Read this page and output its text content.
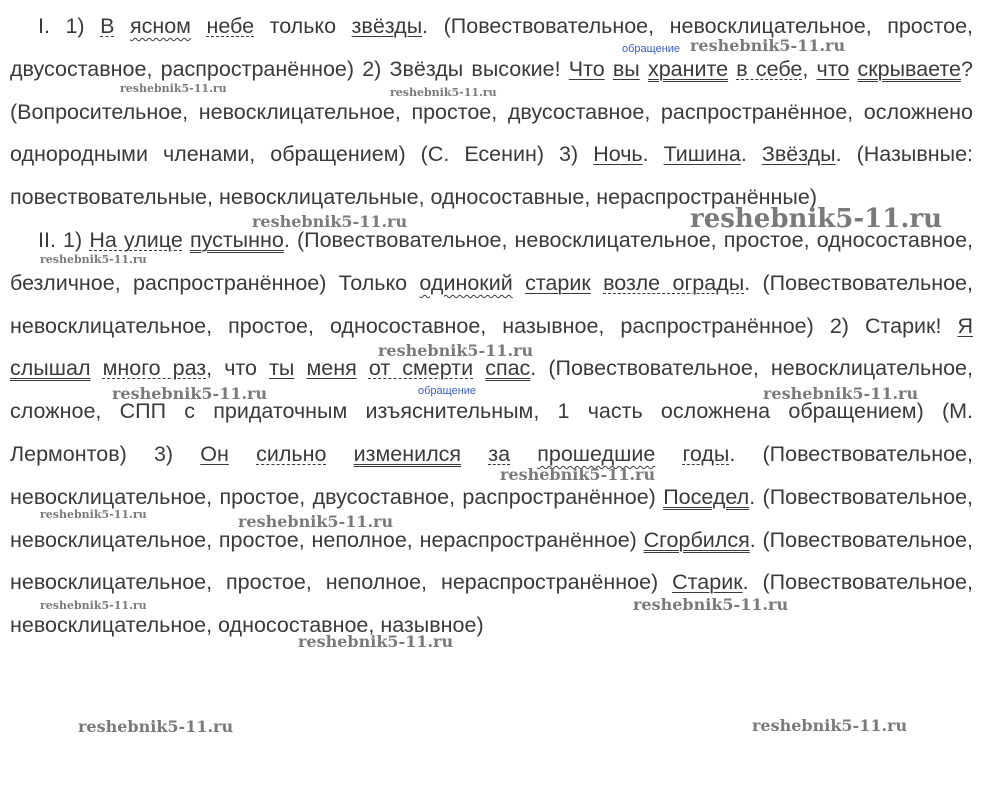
I. 1) В ясном небе только звёзды. (Повествовательное, невосклицательное, простое, двусоставное, распространённое) 2) Звёзды высокие! Что вы храните в себе, что скрываете? (Вопросительное, невосклицательное, простое, двусоставное, распространённое, осложнено однородными членами, обращением) (С. Есенин) 3) Ночь. Тишина. Звёзды. (Назывные: повествовательные, невосклицательные, односоставные, нераспространённые)

II. 1) На улице пустынно. (Повествовательное, невосклицательное, простое, односоставное, безличное, распространённое) Только одинокий старик возле ограды. (Повествовательное, невосклицательное, простое, односоставное, назывное, распространённое) 2) Старик! Я слышал много раз, что ты меня от смерти спас. (Повествовательное, невосклицательное, сложное, СПП с придаточным изъяснительным, 1 часть осложнена обращением) (М. Лермонтов) 3) Он сильно изменился за прошедшие годы. (Повествовательное, невосклицательное, простое, двусоставное, распространённое) Поседел. (Повествовательное, невосклицательное, простое, неполное, нераспространённое) Сгорбился. (Повествовательное, невосклицательное, простое, неполное, нераспространённое) Старик. (Повествовательное, невосклицательное, односоставное, назывное)

обращение
обращение
reshebnik5-11.ru
reshebnik5-11.ru	reshebnik5-11.ru
reshebnik5-11.ru
reshebnik5-11.ru
reshebnik5-11.ru
reshebnik5-11.ru
reshebnik5-11.ru	reshebnik5-11.ru
reshebnik5-11.ru
reshebnik5-11.ru	reshebnik5-11.ru
reshebnik5-11.ru	reshebnik5-11.ru
reshebnik5-11.ru
reshebnik5-11.ru	reshebnik5-11.ru
